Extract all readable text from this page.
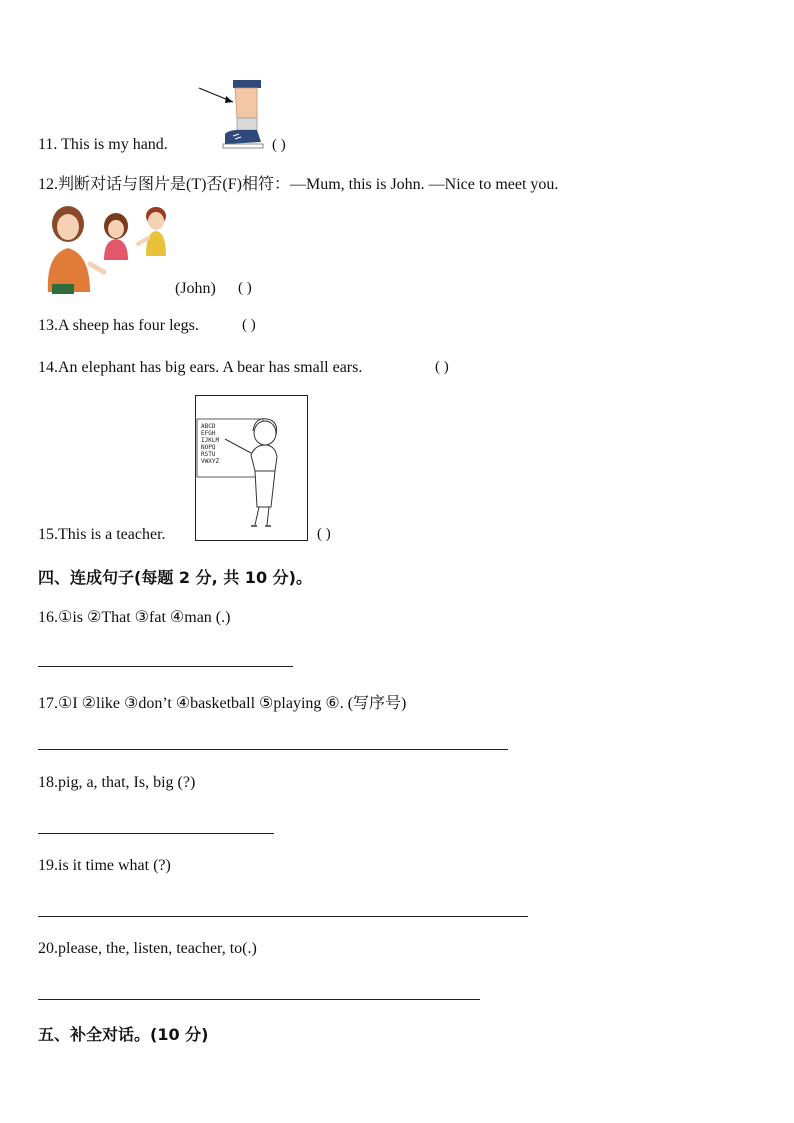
11. This is my hand.	( )
12.判断对话与图片是(T)否(F)相符：—Mum, this is John. —Nice to meet you.
(John) ( )
13.A sheep has four legs.	( )
14.An elephant has big ears. A bear has small ears.	( )
15.This is a teacher.
ABCD
EFGH
IJKLM
NOPQ
RSTU
VWXYZ
( )
四、连成句子(每题 2 分, 共 10 分)。
16.①is ②That ③fat ④man (.)
17.①I ②like ③don’t ④basketball ⑤playing ⑥. (写序号)
18.pig, a, that, Is, big (?)
19.is it time what (?)
20.please, the, listen, teacher, to(.)
五、补全对话。(10 分)
